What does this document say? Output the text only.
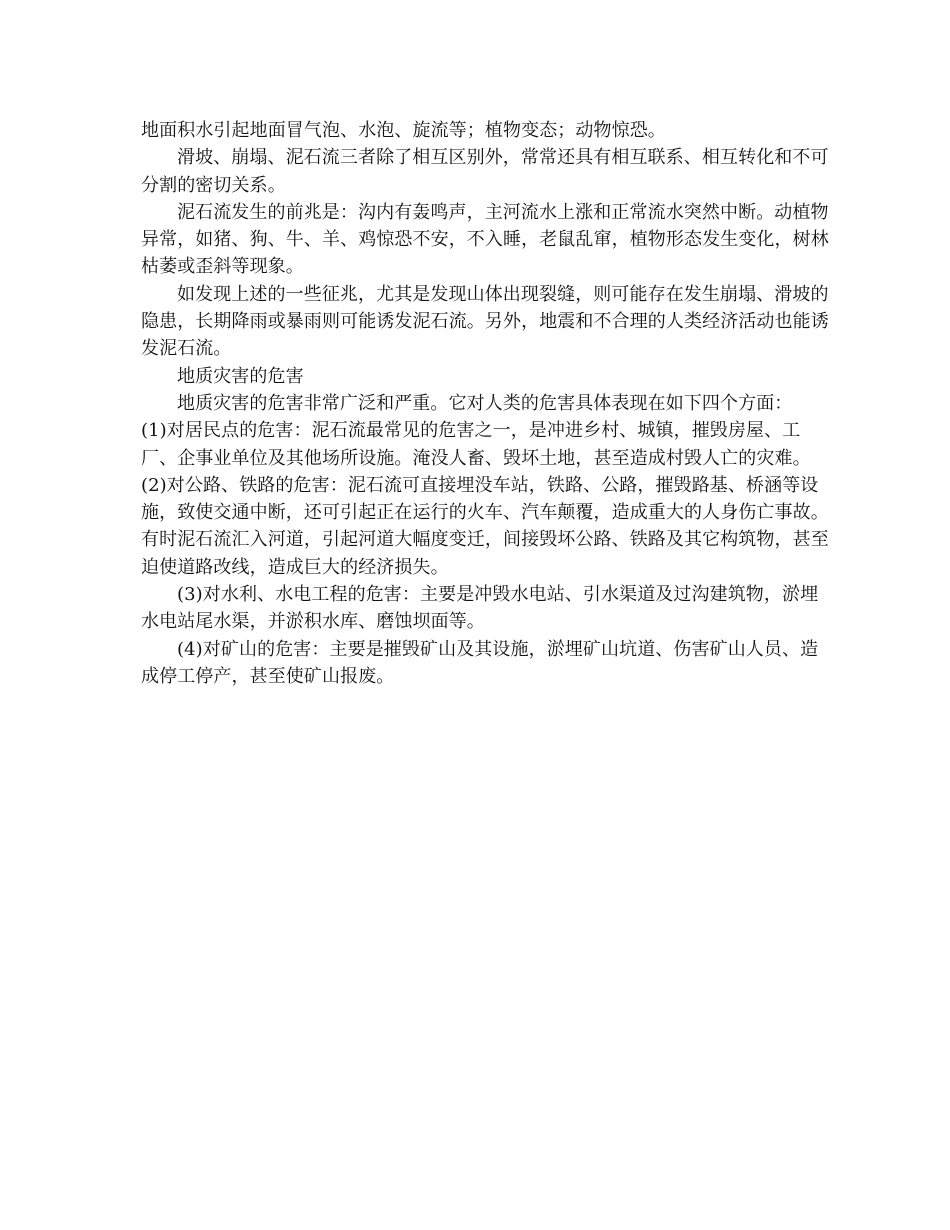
地面积水引起地面冒气泡、水泡、旋流等；植物变态；动物惊恐。

滑坡、崩塌、泥石流三者除了相互区别外，常常还具有相互联系、相互转化和不可分割的密切关系。

泥石流发生的前兆是：沟内有轰鸣声，主河流水上涨和正常流水突然中断。动植物异常，如猪、狗、牛、羊、鸡惊恐不安，不入睡，老鼠乱窜，植物形态发生变化，树林枯萎或歪斜等现象。

如发现上述的一些征兆，尤其是发现山体出现裂缝，则可能存在发生崩塌、滑坡的隐患，长期降雨或暴雨则可能诱发泥石流。另外，地震和不合理的人类经济活动也能诱发泥石流。

地质灾害的危害

地质灾害的危害非常广泛和严重。它对人类的危害具体表现在如下四个方面：

(1)对居民点的危害：泥石流最常见的危害之一，是冲进乡村、城镇，摧毁房屋、工厂、企事业单位及其他场所设施。淹没人畜、毁坏土地，甚至造成村毁人亡的灾难。

(2)对公路、铁路的危害：泥石流可直接埋没车站，铁路、公路，摧毁路基、桥涵等设施，致使交通中断，还可引起正在运行的火车、汽车颠覆，造成重大的人身伤亡事故。有时泥石流汇入河道，引起河道大幅度变迁，间接毁坏公路、铁路及其它构筑物，甚至迫使道路改线，造成巨大的经济损失。

(3)对水利、水电工程的危害：主要是冲毁水电站、引水渠道及过沟建筑物，淤埋水电站尾水渠，并淤积水库、磨蚀坝面等。

(4)对矿山的危害：主要是摧毁矿山及其设施，淤埋矿山坑道、伤害矿山人员、造成停工停产，甚至使矿山报废。
